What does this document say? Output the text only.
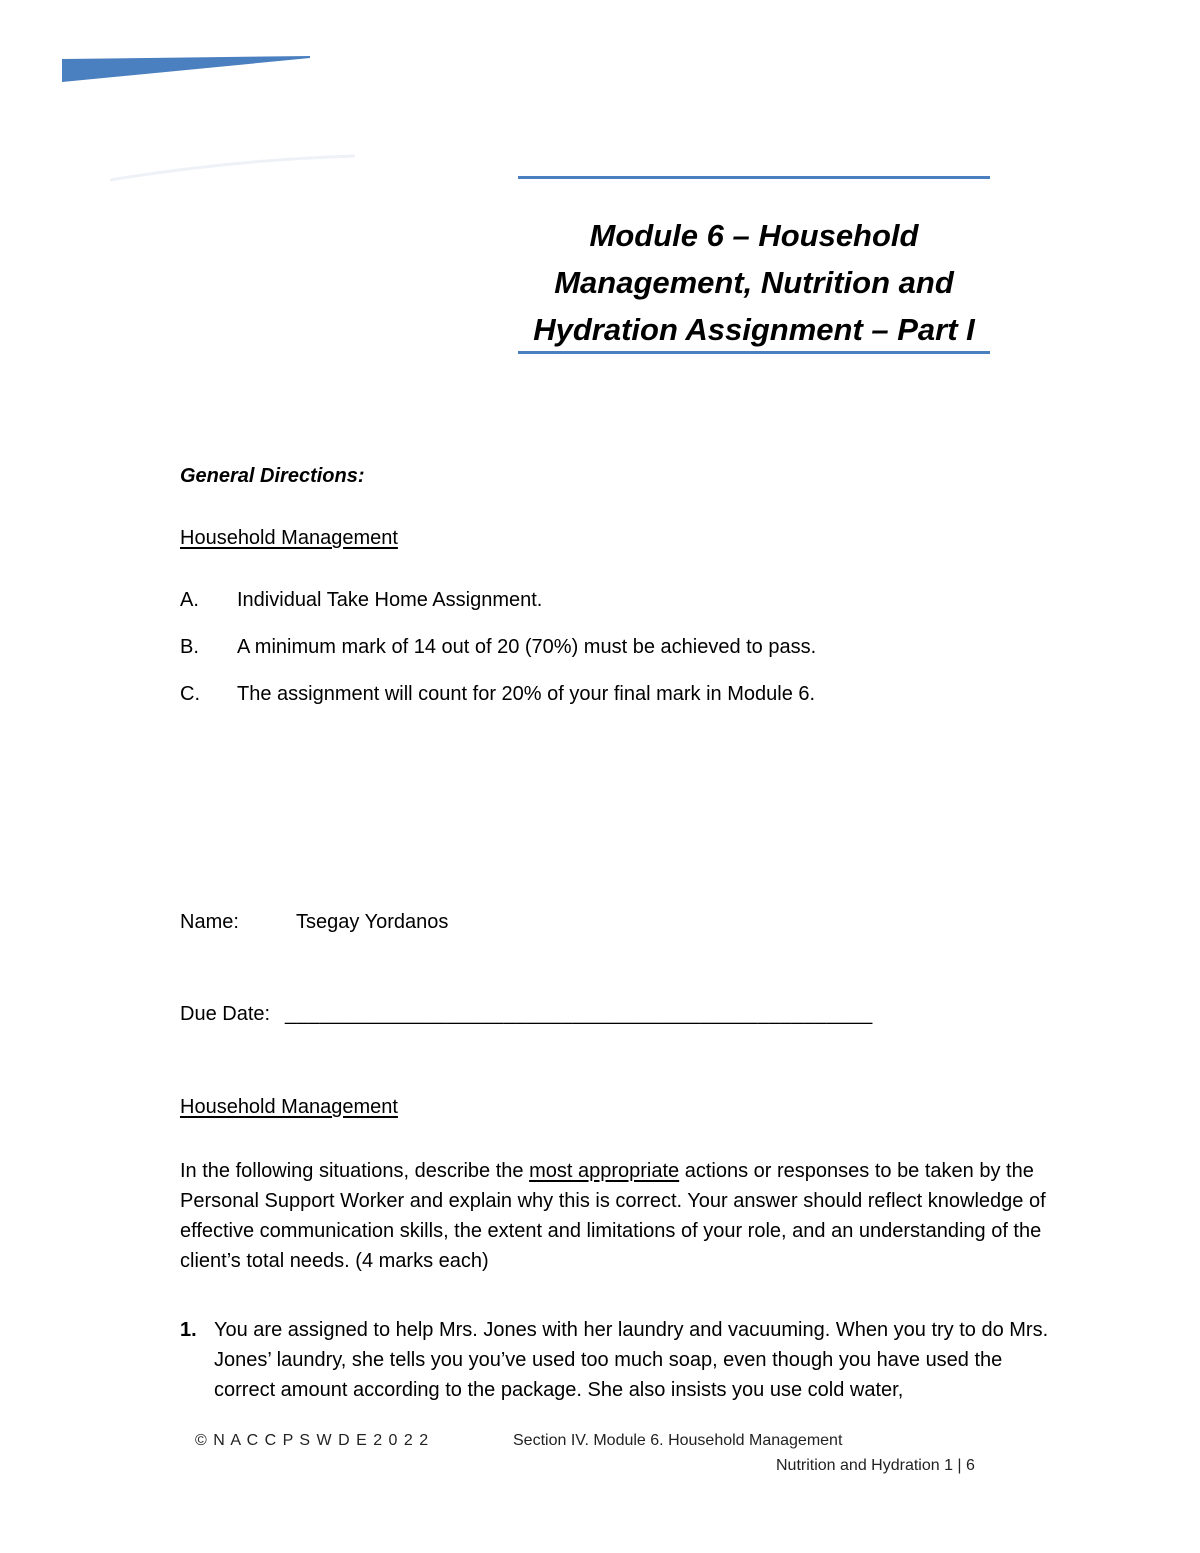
Module 6 – Household
Management, Nutrition and
Hydration Assignment – Part I
General Directions:
Household Management
A. Individual Take Home Assignment.
B. A minimum mark of 14 out of 20 (70%) must be achieved to pass.
C. The assignment will count for 20% of your final mark in Module 6.
Name:	Tsegay Yordanos
Due Date: ___________________________________________________
Household Management
In the following situations, describe the most appropriate actions or responses to be taken by the Personal Support Worker and explain why this is correct. Your answer should reflect knowledge of effective communication skills, the extent and limitations of your role, and an understanding of the client’s total needs. (4 marks each)
1. You are assigned to help Mrs. Jones with her laundry and vacuuming. When you try to do Mrs. Jones’ laundry, she tells you you’ve used too much soap, even though you have used the correct amount according to the package. She also insists you use cold water,
© N A C C P S W D E 2 0 2 2	Section IV. Module 6. Household Management
Nutrition and Hydration 1 | 6
